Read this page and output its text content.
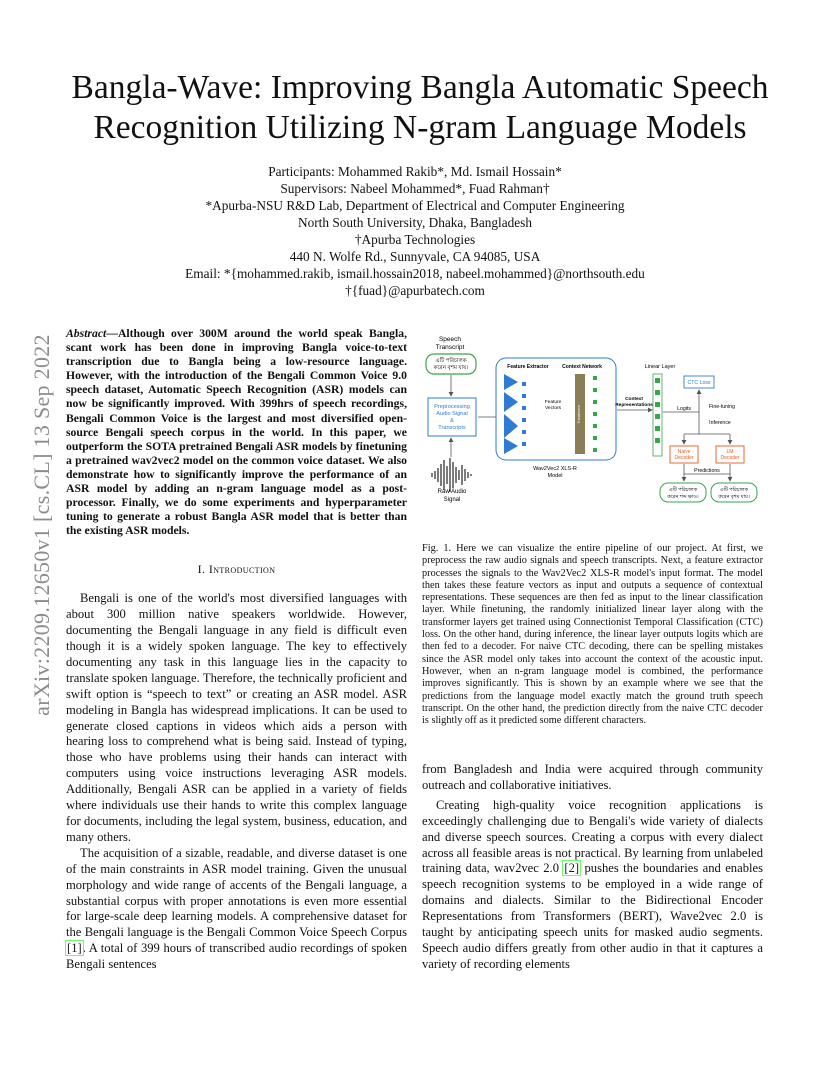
arXiv:2209.12650v1 [cs.CL] 13 Sep 2022
Bangla-Wave: Improving Bangla Automatic Speech
Recognition Utilizing N-gram Language Models
Participants: Mohammed Rakib*, Md. Ismail Hossain*
Supervisors: Nabeel Mohammed*, Fuad Rahman†
*Apurba-NSU R&D Lab, Department of Electrical and Computer Engineering
North South University, Dhaka, Bangladesh
†Apurba Technologies
440 N. Wolfe Rd., Sunnyvale, CA 94085, USA
Email: *{mohammed.rakib, ismail.hossain2018, nabeel.mohammed}@northsouth.edu
†{fuad}@apurbatech.com
Abstract—Although over 300M around the world speak Bangla, scant work has been done in improving Bangla voice-to-text transcription due to Bangla being a low-resource language. However, with the introduction of the Bengali Common Voice 9.0 speech dataset, Automatic Speech Recognition (ASR) models can now be significantly improved. With 399hrs of speech recordings, Bengali Common Voice is the largest and most diversified open-source Bengali speech corpus in the world. In this paper, we outperform the SOTA pretrained Bengali ASR models by finetuning a pretrained wav2vec2 model on the common voice dataset. We also demonstrate how to significantly improve the performance of an ASR model by adding an n-gram language model as a post-processor. Finally, we do some experiments and hyperparameter tuning to generate a robust Bangla ASR model that is better than the existing ASR models.
I. Introduction

Bengali is one of the world's most diversified languages with about 300 million native speakers worldwide. However, documenting the Bengali language in any field is difficult even though it is a widely spoken language. The key to effectively documenting any task in this language lies in the capacity to translate spoken language. Therefore, the technically proficient and swift option is “speech to text” or creating an ASR model. ASR modeling in Bangla has widespread implications. It can be used to generate closed captions in videos which aids a person with hearing loss to comprehend what is being said. Instead of typing, those who have problems using their hands can interact with computers using voice instructions leveraging ASR models. Additionally, Bengali ASR can be applied in a variety of fields where individuals use their hands to write this complex language for documents, including the legal system, business, education, and many others.

The acquisition of a sizable, readable, and diverse dataset is one of the main constraints in ASR model training. Given the unusual morphology and wide range of accents of the Bengali language, a substantial corpus with proper annotations is even more essential for large-scale deep learning models. A comprehensive dataset for the Bengali language is the Bengali Common Voice Speech Corpus [1]. A total of 399 hours of transcribed audio recordings of spoken Bengali sentences

Speech Transcript
এটি পরিচালক করেন বৃশম যায়।
Preprocessing Audio Signal & Transcripts
Raw Audio Signal
Feature Extractor	Context Network
Feature Vectors	Transformer
Wav2Vec2 XLS-R Model
Context Representations
Linear Layer
CTC Loss
Logits	Fine-tuning
Inference
Naive Decoder
LM Decoder
Predictions
এটি পরিচালক করেন শব্দ ক্ষাও।
এটি পরিচালক করেন বৃশম যায়।
Fig. 1. Here we can visualize the entire pipeline of our project. At first, we preprocess the raw audio signals and speech transcripts. Next, a feature extractor processes the signals to the Wav2Vec2 XLS-R model's input format. The model then takes these feature vectors as input and outputs a sequence of contextual representations. These sequences are then fed as input to the linear classification layer. While finetuning, the randomly initialized linear layer along with the transformer layers get trained using Connectionist Temporal Classification (CTC) loss. On the other hand, during inference, the linear layer outputs logits which are then fed to a decoder. For naive CTC decoding, there can be spelling mistakes since the ASR model only takes into account the context of the acoustic input. However, when an n-gram language model is combined, the performance improves significantly. This is shown by an example where we see that the predictions from the language model exactly match the ground truth speech transcript. On the other hand, the prediction directly from the naive CTC decoder is slightly off as it predicted some different characters.

from Bangladesh and India were acquired through community outreach and collaborative initiatives.

Creating high-quality voice recognition applications is exceedingly challenging due to Bengali's wide variety of dialects and diverse speech sources. Creating a corpus with every dialect across all feasible areas is not practical. By learning from unlabeled training data, wav2vec 2.0 [2] pushes the boundaries and enables speech recognition systems to be employed in a wide range of domains and dialects. Similar to the Bidirectional Encoder Representations from Transformers (BERT), Wave2vec 2.0 is taught by anticipating speech units for masked audio segments. Speech audio differs greatly from other audio in that it captures a variety of recording elements
